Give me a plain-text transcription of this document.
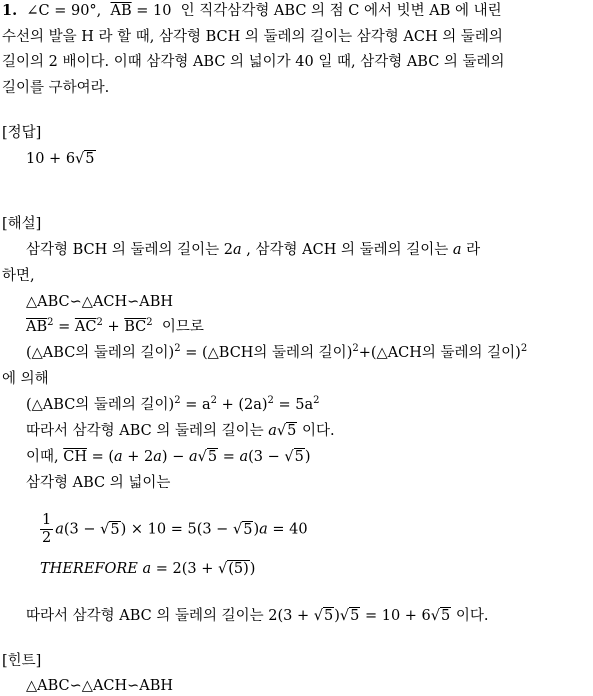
1.  ∠C = 90°,  $\overline{AB} = 10$  인 직각삼각형 ABC 의 점 C 에서 빗변 AB 에 내린
수선의 발을 H 라 할 때, 삼각형 BCH 의 둘레의 길이는 삼각형 ACH 의 둘레의
길이의 2 배이다. 이때 삼각형 ABC 의 넓이가 40 일 때, 삼각형 ABC 의 둘레의
길이를 구하여라.
[정답]
10 + 6√5
[해설]
삼각형 BCH 의 둘레의 길이는 2a , 삼각형 ACH 의 둘레의 길이는 a 라
하면,
△ABC∽△ACH∽ABH
$\overline{AB}^2 = \overline{AC}^2 + \overline{BC}^2$  이므로
(△ABC의 둘레의 길이)$^2$ = (△BCH의 둘레의 길이)$^2$+(△ACH의 둘레의 길이)$^2$
에 의해
(△ABC의 둘레의 길이)$^2 = a^2 + (2a)^2 = 5a^2$
따라서 삼각형 ABC 의 둘레의 길이는 a√5 이다.
이때, $\overline{CH} = (a + 2a) - a√5 = a(3 - √5)$
삼각형 ABC 의 넓이는
$\frac{1}{2} a(3 - √5) \times 10 = 5(3 - √5)a = 40$
THEREFORE a = 2(3 + √(5))
따라서 삼각형 ABC 의 둘레의 길이는 2(3 + √5)√5 = 10 + 6√5 이다.
[힌트]
△ABC∽△ACH∽ABH
